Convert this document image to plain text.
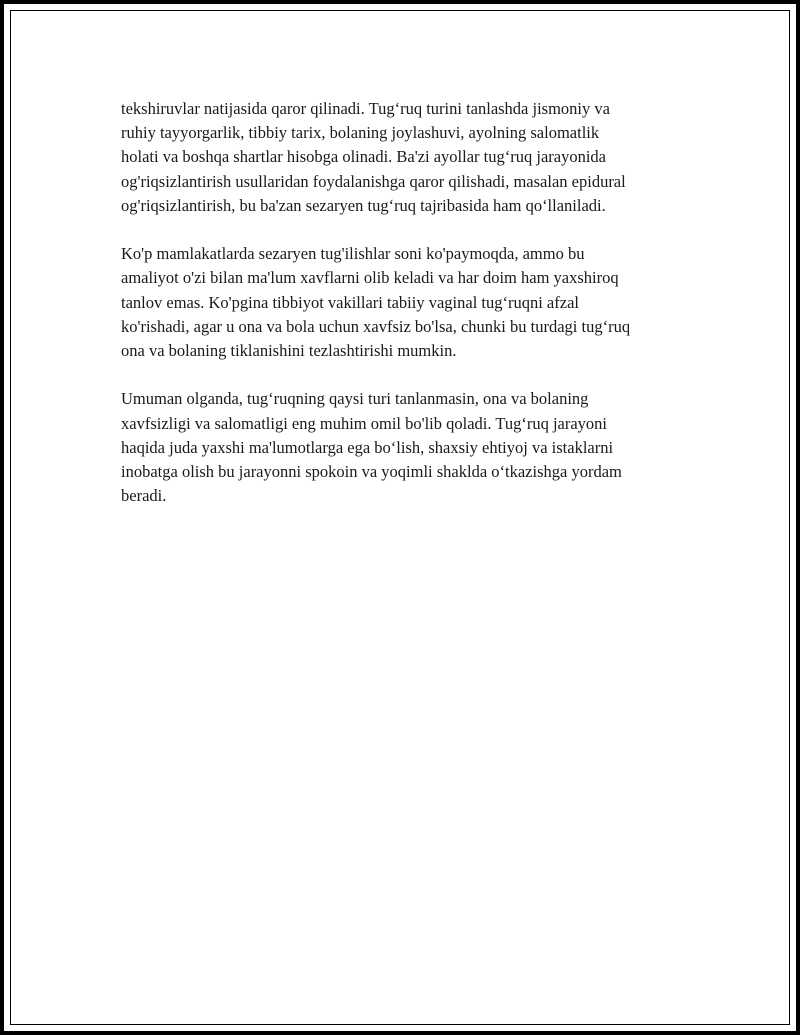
tekshiruvlar natijasida qaror qilinadi. Tug‘ruq turini tanlashda jismoniy va
ruhiy tayyorgarlik, tibbiy tarix, bolaning joylashuvi, ayolning salomatlik
holati va boshqa shartlar hisobga olinadi. Ba'zi ayollar tug‘ruq jarayonida
og'riqsizlantirish usullaridan foydalanishga qaror qilishadi, masalan epidural
og'riqsizlantirish, bu ba'zan sezaryen tug‘ruq tajribasida ham qo‘llaniladi.

Ko'p mamlakatlarda sezaryen tug'ilishlar soni ko'paymoqda, ammo bu
amaliyot o'zi bilan ma'lum xavflarni olib keladi va har doim ham yaxshiroq
tanlov emas. Ko'pgina tibbiyot vakillari tabiiy vaginal tug‘ruqni afzal
ko'rishadi, agar u ona va bola uchun xavfsiz bo'lsa, chunki bu turdagi tug‘ruq
ona va bolaning tiklanishini tezlashtirishi mumkin.

Umuman olganda, tug‘ruqning qaysi turi tanlanmasin, ona va bolaning
xavfsizligi va salomatligi eng muhim omil bo'lib qoladi. Tug‘ruq jarayoni
haqida juda yaxshi ma'lumotlarga ega bo‘lish, shaxsiy ehtiyoj va istaklarni
inobatga olish bu jarayonni spokoin va yoqimli shaklda o‘tkazishga yordam
beradi.
